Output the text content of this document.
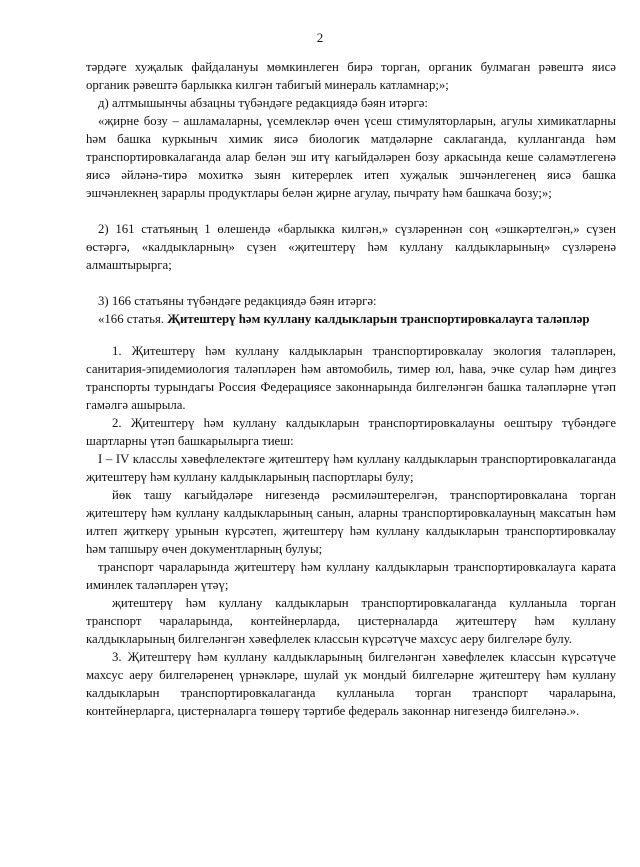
2

тәрдәге хуҗалык файдалануы мөмкинлеген бирә торган, органик булмаган рәвештә яисә органик рәвештә барлыкка килгән табигый минераль катламнар;»;

д) алтмышынчы абзацны түбәндәге редакциядә бәян итәргә:

«җирне бозу – ашламаларны, үсемлекләр өчен үсеш стимуляторларын, агулы химикатларны һәм башка куркыныч химик яисә биологик матдәләрне саклаганда, кулланганда һәм транспортировкалаганда алар белән эш итү кагыйдәләрен бозу аркасында кеше сәламәтлегенә яисә әйләнә-тирә мохиткә зыян китерерлек итеп хуҗалык эшчәнлегенең яисә башка эшчәнлекнең зарарлы продуктлары белән җирне агулау, пычрату һәм башкача бозу;»;

2) 161 статьяның 1 өлешендә «барлыкка килгән,» сүзләреннән соң «эшкәртелгән,» сүзен өстәргә, «калдыкларның» сүзен «җитештерү һәм куллану калдыкларының» сүзләренә алмаштырырга;

3) 166 статьяны түбәндәге редакциядә бәян итәргә:

«166 статья. Җитештерү һәм куллану калдыкларын транспортировкалауга таләпләр

1. Җитештерү һәм куллану калдыкларын транспортировкалау экология таләпләрен, санитария-эпидемиология таләпләрен һәм автомобиль, тимер юл, һава, эчке сулар һәм диңгез транспорты турындагы Россия Федерациясе законнарында билгеләнгән башка таләпләрне үтәп гамәлгә ашырыла.

2. Җитештерү һәм куллану калдыкларын транспортировкалауны оештыру түбәндәге шартларны үтәп башкарылырга тиеш:

I – IV класслы хәвефлелектәге җитештерү һәм куллану калдыкларын транспортировкалаганда җитештерү һәм куллану калдыкларының паспортлары булу;

йөк ташу кагыйдәләре нигезендә рәсмиләштерелгән, транспортировкалана торган җитештерү һәм куллану калдыкларының санын, аларны транспортировкалауның максатын һәм илтеп җиткерү урынын күрсәтеп, җитештерү һәм куллану калдыкларын транспортировкалау һәм тапшыру өчен документларның булуы;

транспорт чараларында җитештерү һәм куллану калдыкларын транспортировкалауга карата иминлек таләпләрен үтәү;

җитештерү һәм куллану калдыкларын транспортировкалаганда кулланыла торган транспорт чараларында, контейнерларда, цистерналарда җитештерү һәм куллану калдыкларының билгеләнгән хәвефлелек классын күрсәтүче махсус аеру билгеләре булу.

3. Җитештерү һәм куллану калдыкларының билгеләнгән хәвефлелек классын күрсәтүче махсус аеру билгеләренең үрнәкләре, шулай ук мондый билгеләрне җитештерү һәм куллану калдыкларын транспортировкалаганда кулланыла торган транспорт чараларына, контейнерларга, цистерналарга төшерү тәртибе федераль законнар нигезендә билгеләнә.».
